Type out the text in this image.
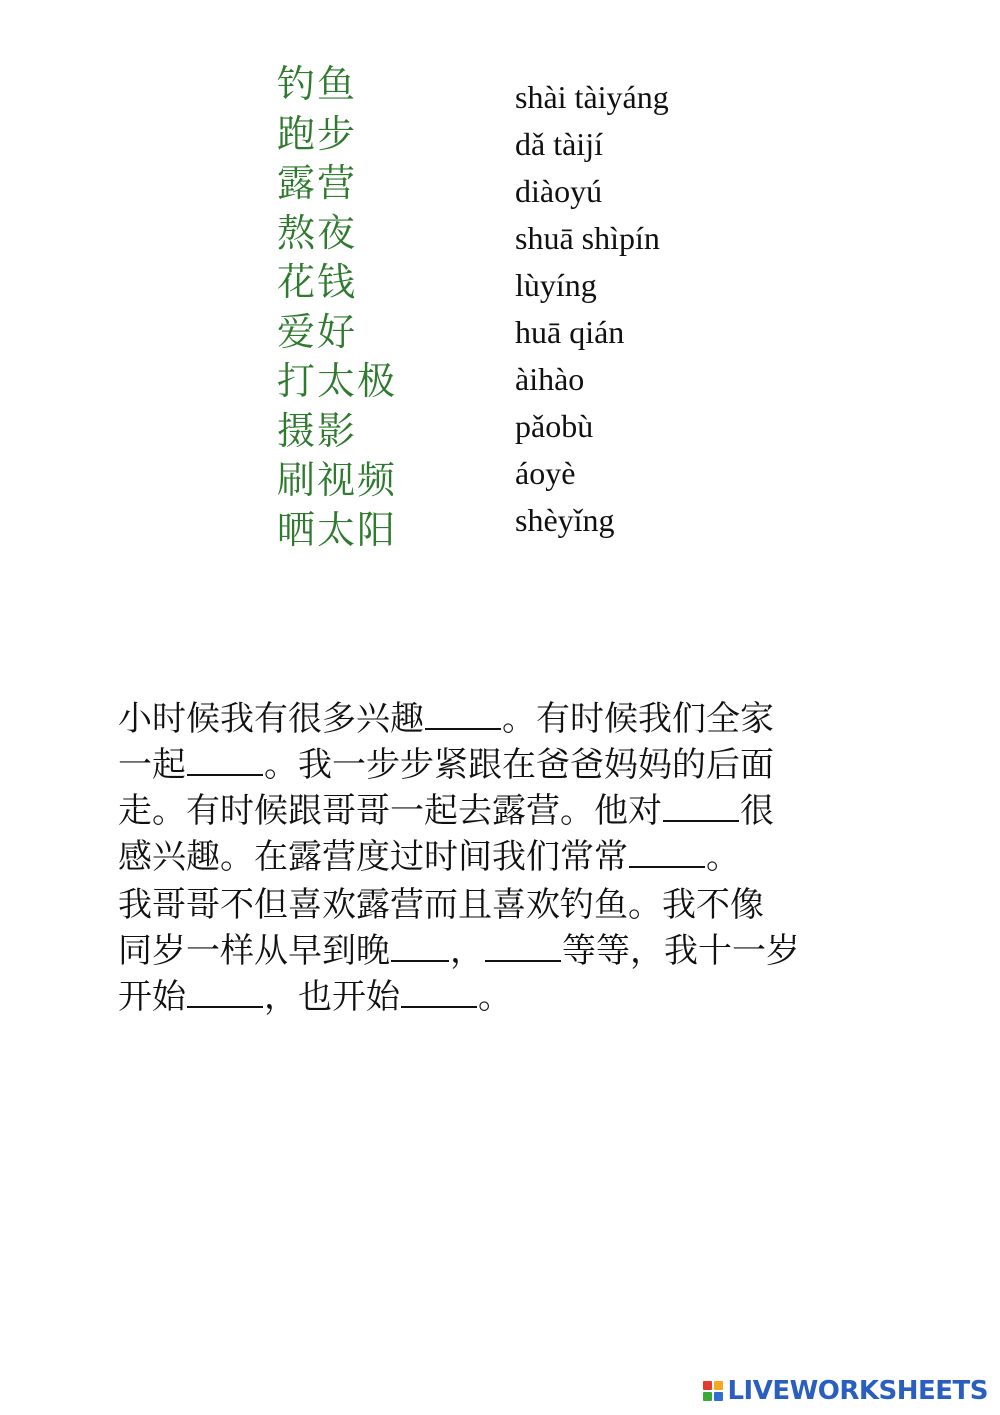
钓鱼
跑步
露营
熬夜
花钱
爱好
打太极
摄影
刷视频
晒太阳
shài tàiyáng
dǎ tàijí
diàoyú
shuā shìpín
lùyíng
huā qián
àihào
pǎobù
áoyè
shèyǐng
小时候我有很多兴趣 。有时候我们全家
一起 。我一步步紧跟在爸爸妈妈的后面
走。有时候跟哥哥一起去露营。他对 很
感兴趣。在露营度过时间我们常常 。
我哥哥不但喜欢露营而且喜欢钓鱼。我不像
同岁一样从早到晚 ， 等等，我十一岁
开始 ，也开始 。
LIVEWORKSHEETS
